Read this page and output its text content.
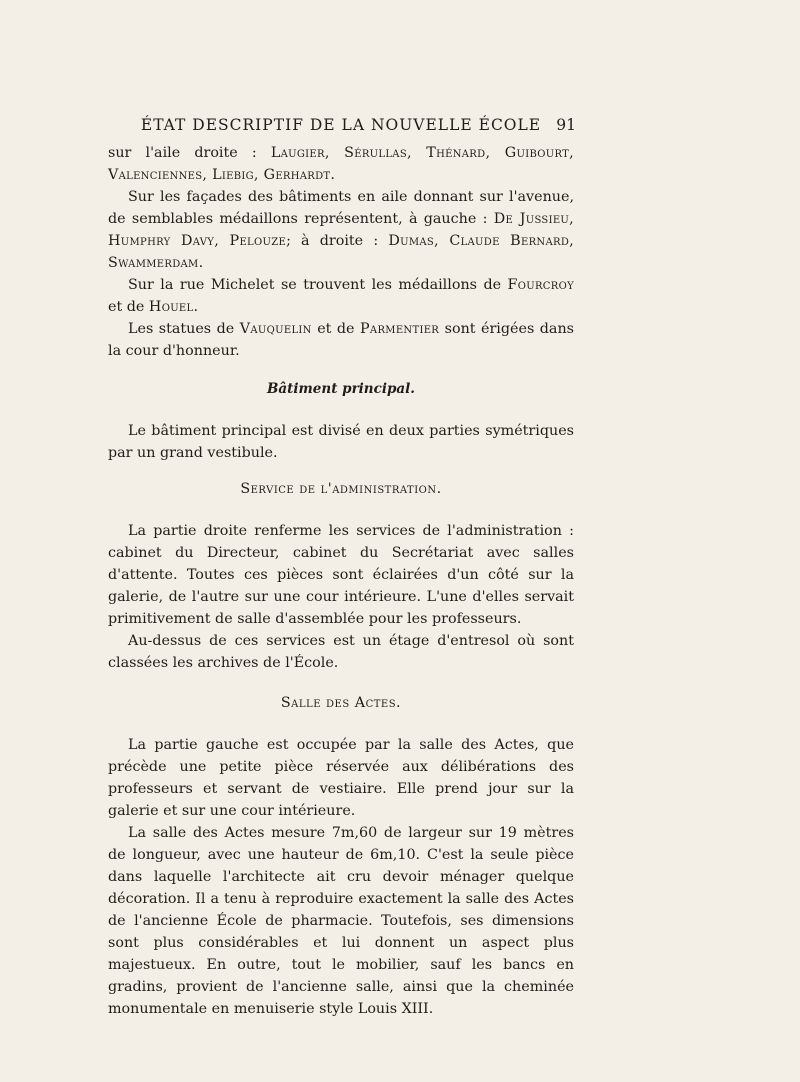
ÉTAT DESCRIPTIF DE LA NOUVELLE ÉCOLE 91

sur l'aile droite : Laugier, Sérullas, Thénard, Guibourt, Valenciennes, Liebig, Gerhardt.

Sur les façades des bâtiments en aile donnant sur l'avenue, de semblables médaillons représentent, à gauche : De Jussieu, Humphry Davy, Pelouze; à droite : Dumas, Claude Bernard, Swammerdam.

Sur la rue Michelet se trouvent les médaillons de Fourcroy et de Houel.

Les statues de Vauquelin et de Parmentier sont érigées dans la cour d'honneur.

Bâtiment principal.

Le bâtiment principal est divisé en deux parties symétriques par un grand vestibule.

Service de l'administration.

La partie droite renferme les services de l'administration : cabinet du Directeur, cabinet du Secrétariat avec salles d'attente. Toutes ces pièces sont éclairées d'un côté sur la galerie, de l'autre sur une cour intérieure. L'une d'elles servait primitivement de salle d'assemblée pour les professeurs.

Au-dessus de ces services est un étage d'entresol où sont classées les archives de l'École.

Salle des Actes.

La partie gauche est occupée par la salle des Actes, que précède une petite pièce réservée aux délibérations des professeurs et servant de vestiaire. Elle prend jour sur la galerie et sur une cour intérieure.

La salle des Actes mesure 7m,60 de largeur sur 19 mètres de longueur, avec une hauteur de 6m,10. C'est la seule pièce dans laquelle l'architecte ait cru devoir ménager quelque décoration. Il a tenu à reproduire exactement la salle des Actes de l'ancienne École de pharmacie. Toutefois, ses dimensions sont plus considérables et lui donnent un aspect plus majestueux. En outre, tout le mobilier, sauf les bancs en gradins, provient de l'ancienne salle, ainsi que la cheminée monumentale en menuiserie style Louis XIII.
